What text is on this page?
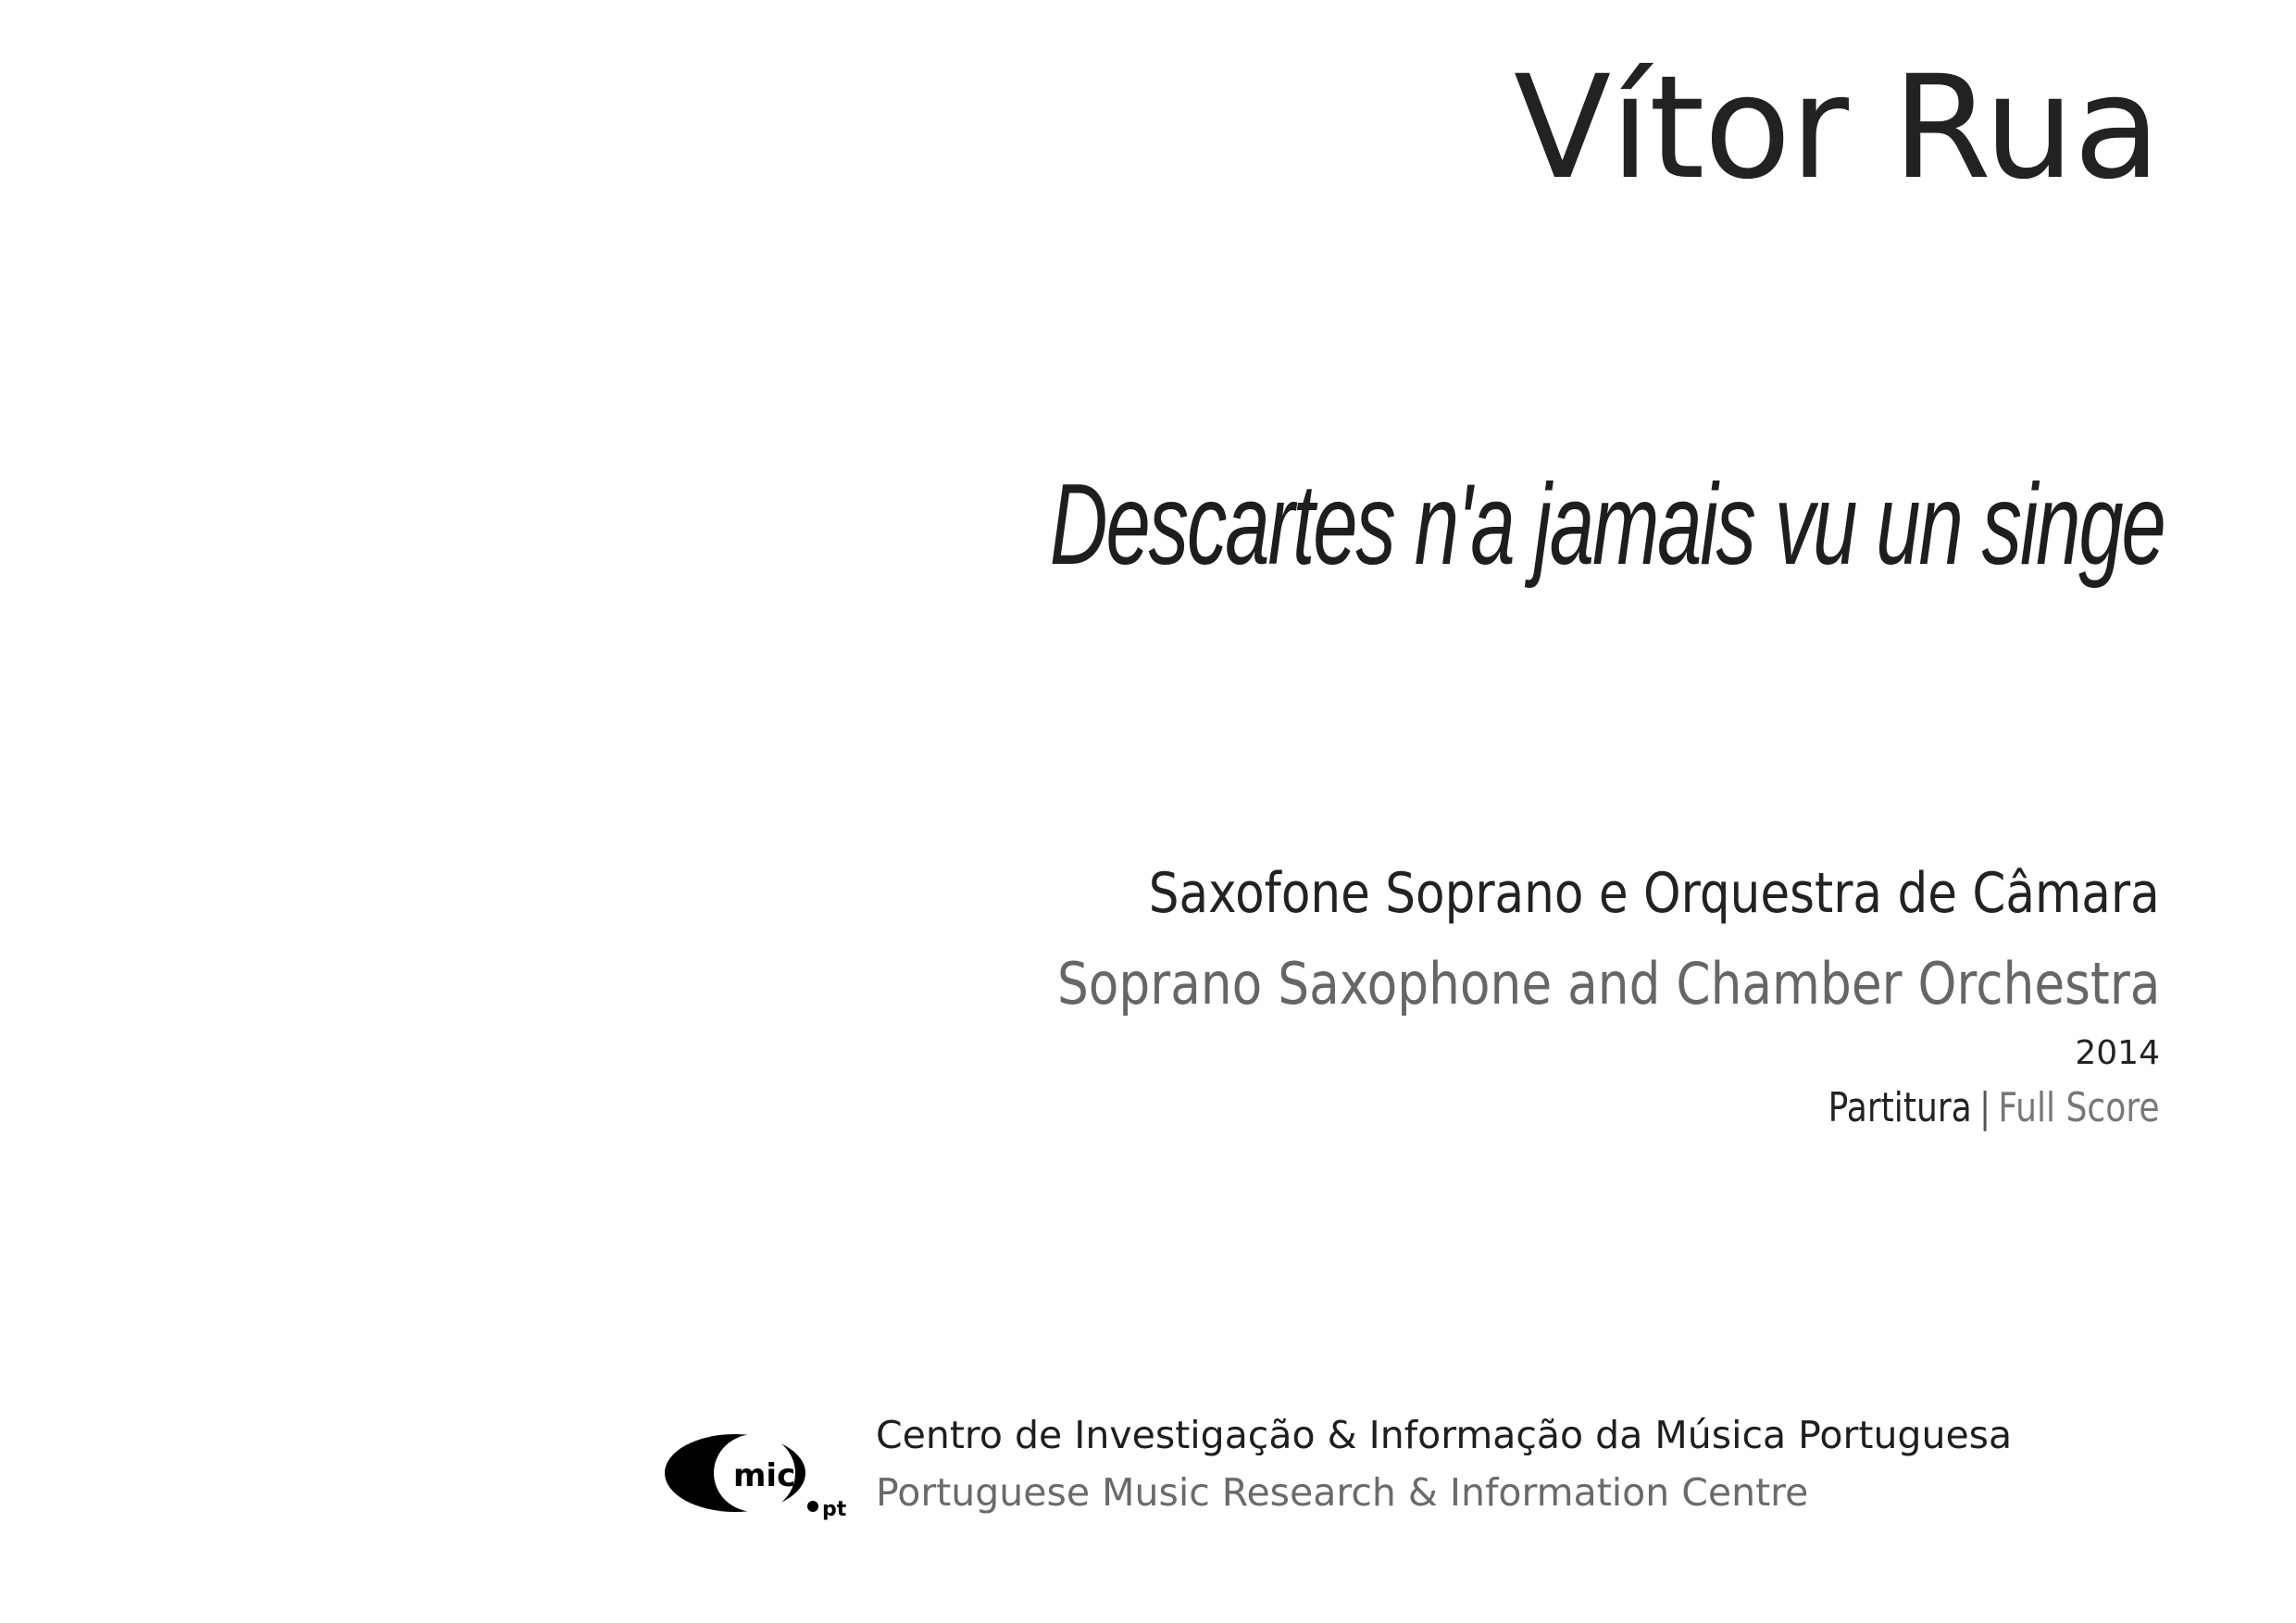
Vítor Rua
Descartes n'a jamais vu un singe
Saxofone Soprano e Orquestra de Câmara
Soprano Saxophone and Chamber Orchestra
2014
Partitura | Full Score
mic
pt
Centro de Investigação & Informação da Música Portuguesa
Portuguese Music Research & Information Centre
